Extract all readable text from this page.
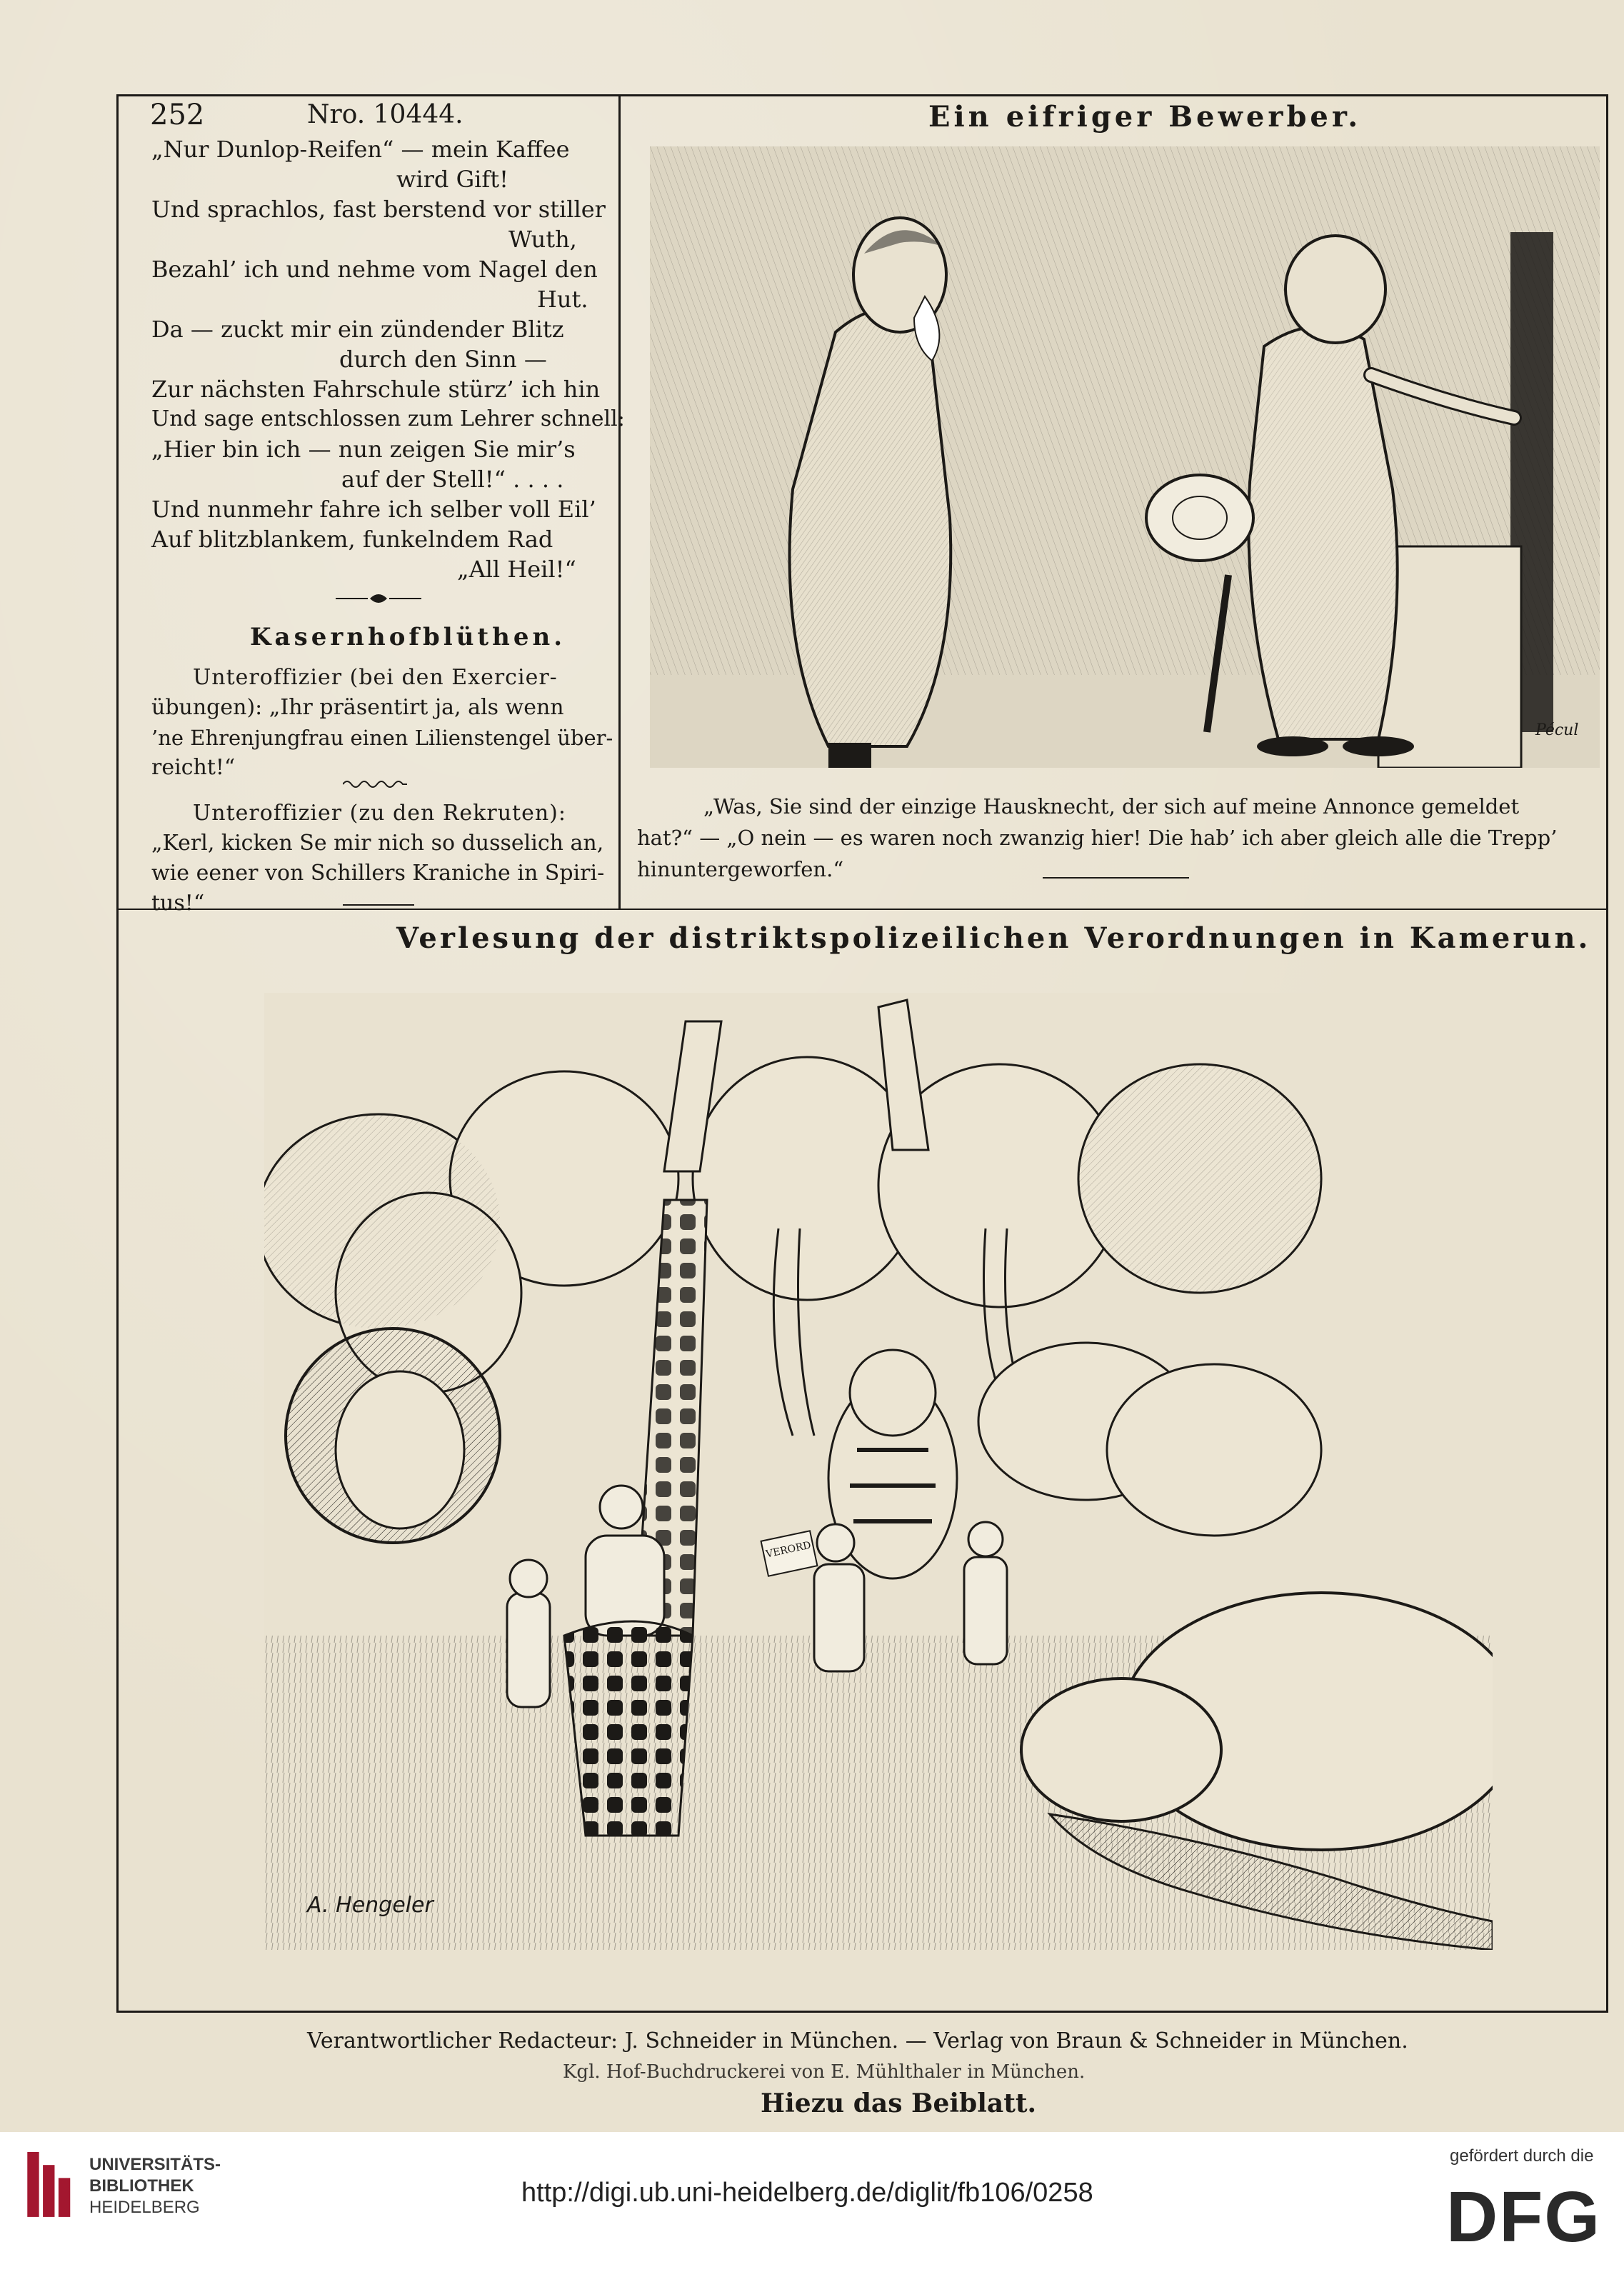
252	Nro. 10444.
„Nur Dunlop-Reifen“ — mein Kaffee
wird Gift!
Und sprachlos, fast berstend vor stiller
Wuth,
Bezahl’ ich und nehme vom Nagel den
Hut.
Da — zuckt mir ein zündender Blitz
durch den Sinn —
Zur nächsten Fahrschule stürz’ ich hin
Und sage entschlossen zum Lehrer schnell:
„Hier bin ich — nun zeigen Sie mir’s
auf der Stell!“ . . . .
Und nunmehr fahre ich selber voll Eil’
Auf blitzblankem, funkelndem Rad
„All Heil!“
Kasernhofblüthen.
Unteroffizier (bei den Exercier-
übungen): „Ihr präsentirt ja, als wenn
’ne Ehrenjungfrau einen Lilienstengel über-
reicht!“
Unteroffizier (zu den Rekruten):
„Kerl, kicken Se mir nich so dusselich an,
wie eener von Schillers Kraniche in Spiri-
tus!“
Ein eifriger Bewerber.
Pécul
„Was, Sie sind der einzige Hausknecht, der sich auf meine Annonce gemeldet
hat?“ — „O nein — es waren noch zwanzig hier! Die hab’ ich aber gleich alle die Trepp’
hinuntergeworfen.“
Verlesung der distriktspolizeilichen Verordnungen in Kamerun.
VERORD
A. Hengeler
Verantwortlicher Redacteur: J. Schneider in München. — Verlag von Braun & Schneider in München.
Kgl. Hof-Buchdruckerei von E. Mühlthaler in München.
Hiezu das Beiblatt.
UNIVERSITÄTS-
BIBLIOTHEK
HEIDELBERG	http://digi.ub.uni-heidelberg.de/diglit/fb106/0258
gefördert durch die
DFG
